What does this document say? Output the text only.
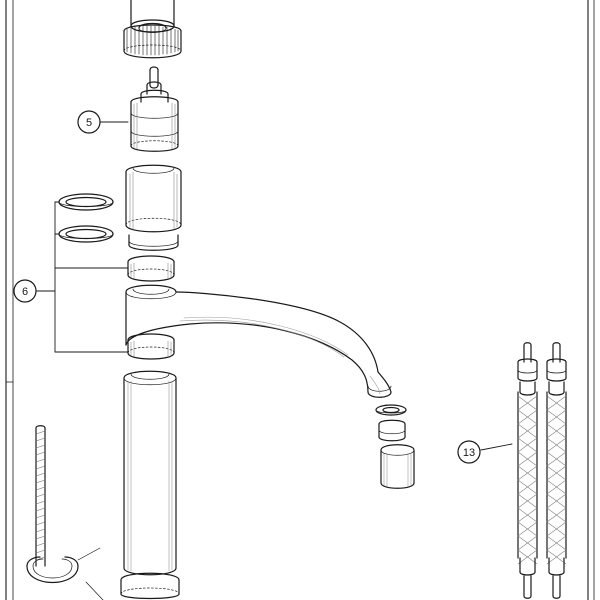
5
6
13
